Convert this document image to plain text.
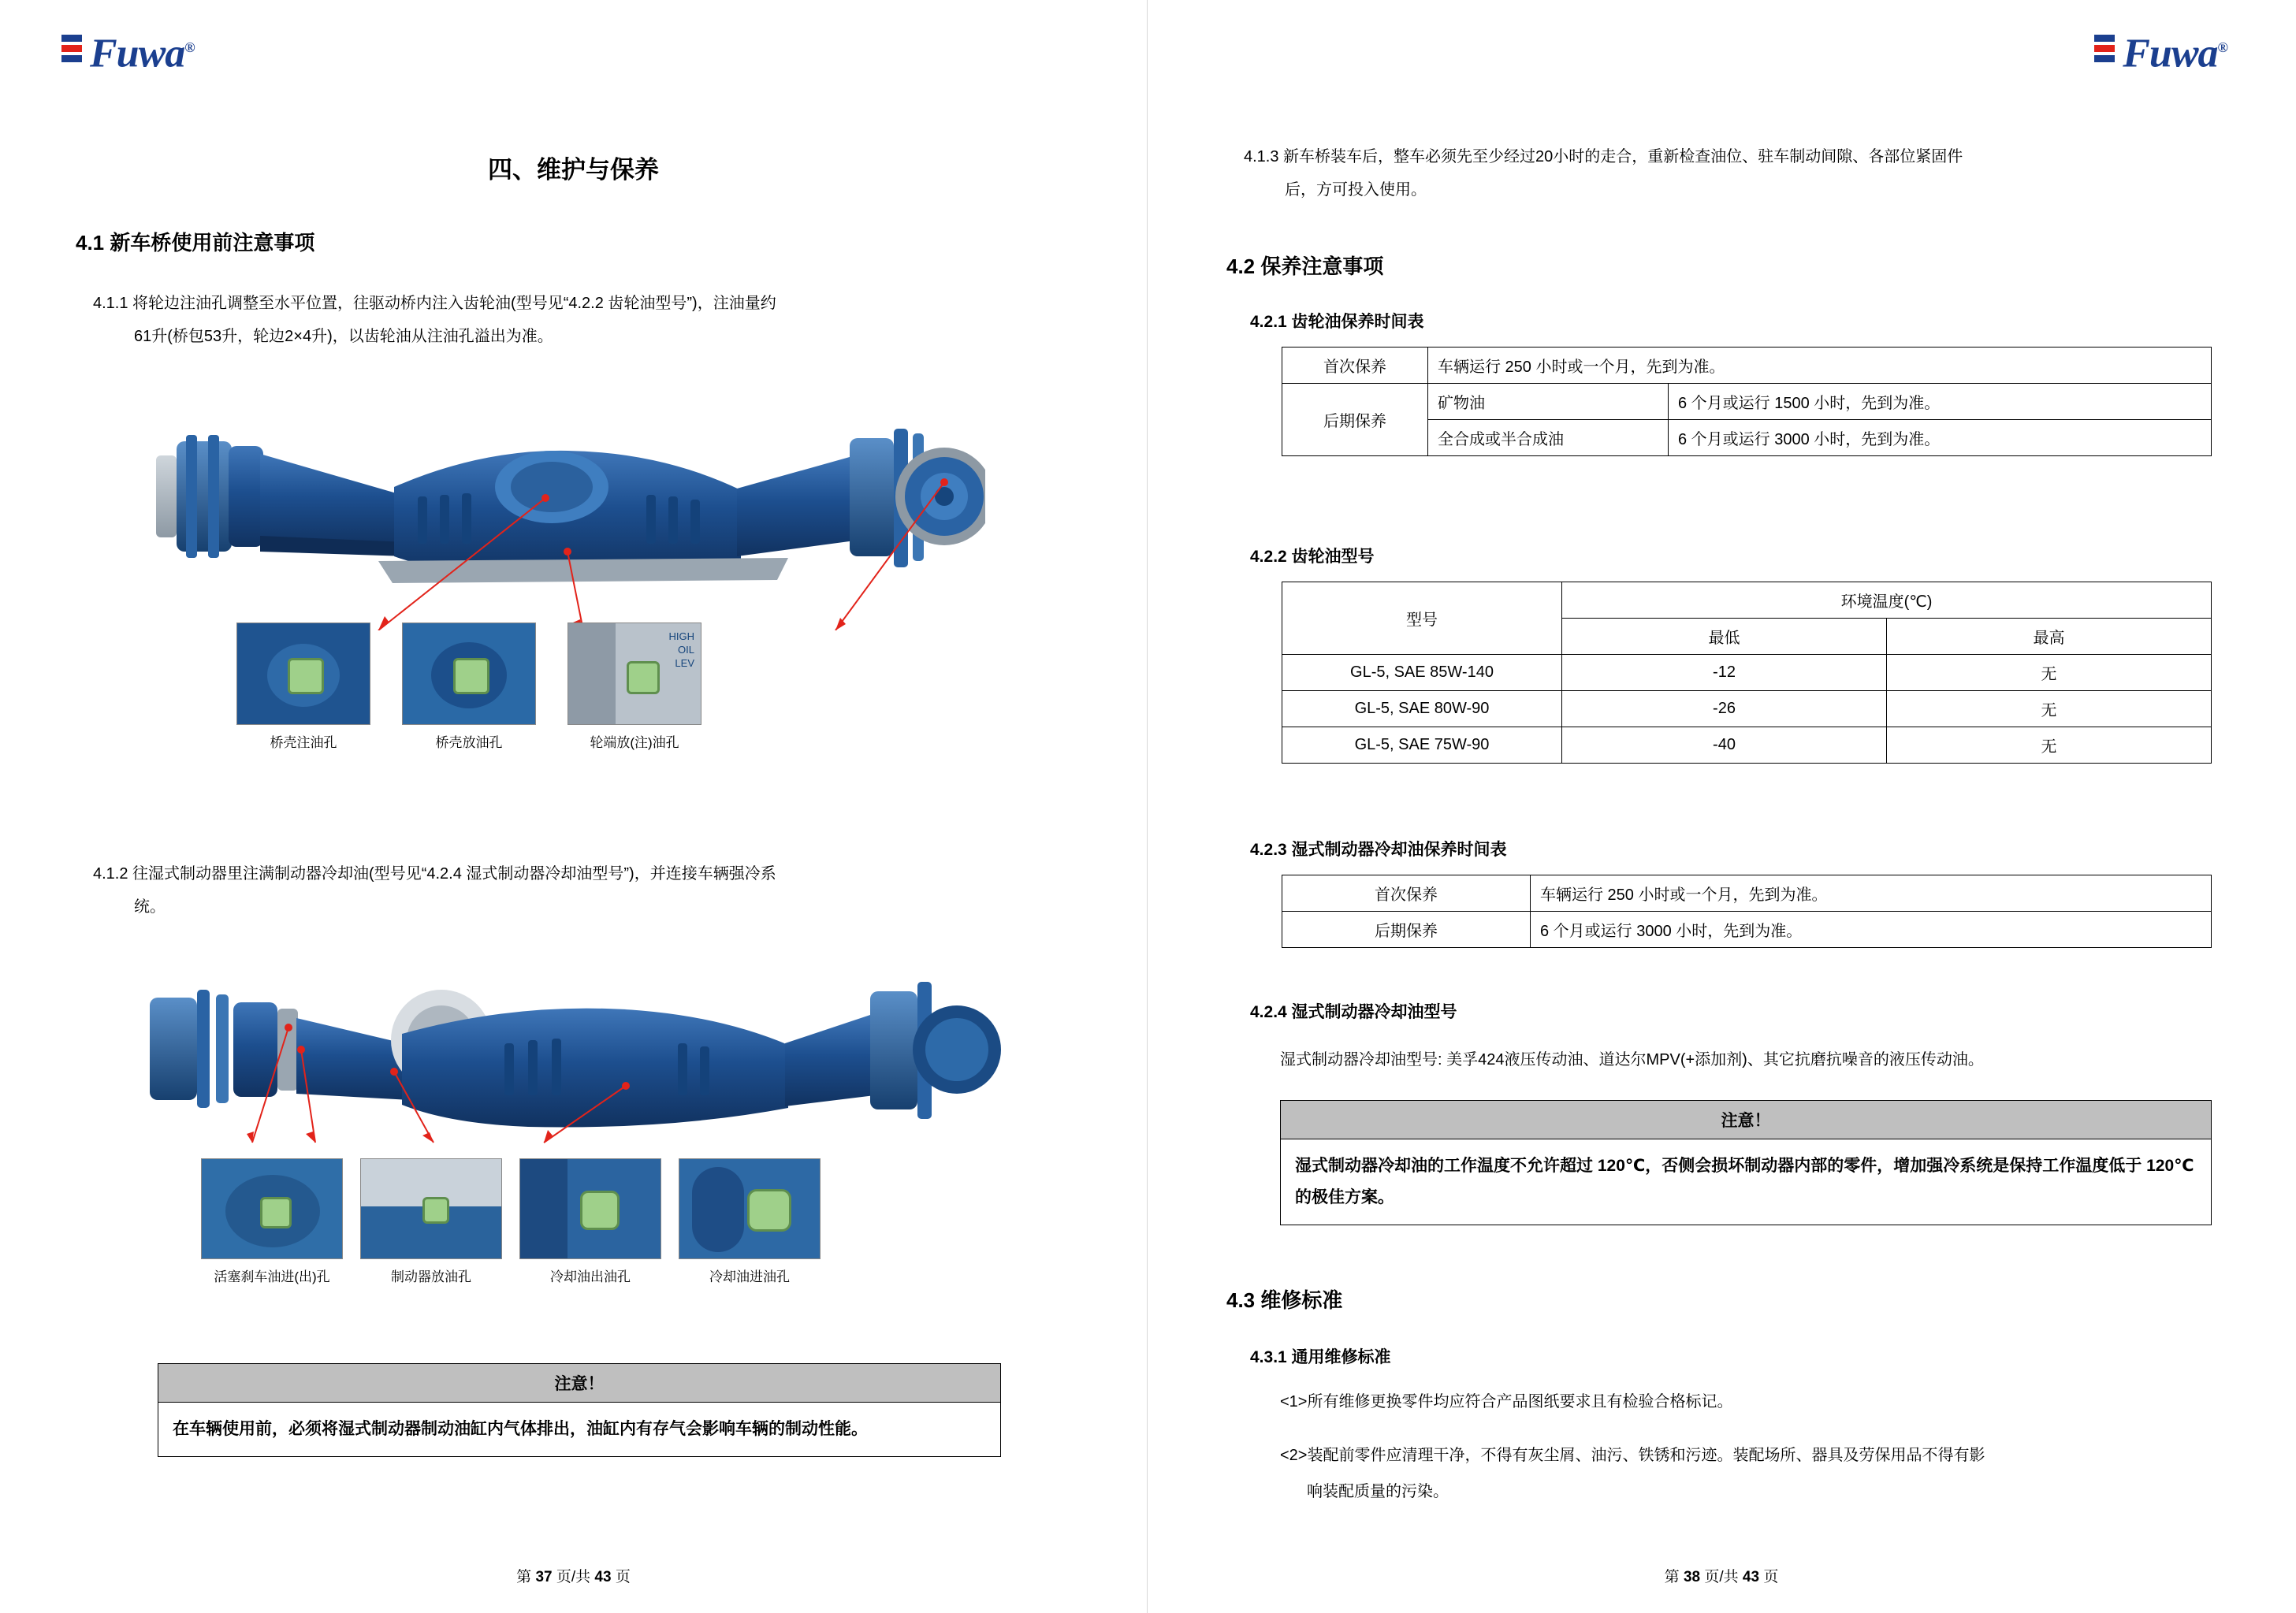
Fuwa®
四、维护与保养
4.1 新车桥使用前注意事项
4.1.1 将轮边注油孔调整至水平位置，往驱动桥内注入齿轮油(型号见“4.2.2 齿轮油型号”)，注油量约
61升(桥包53升，轮边2×4升)，以齿轮油从注油孔溢出为准。
桥壳注油孔	桥壳放油孔
HIGH
OIL
LEV
轮端放(注)油孔
4.1.2 往湿式制动器里注满制动器冷却油(型号见“4.2.4 湿式制动器冷却油型号”)，并连接车辆强冷系
统。
活塞刹车油进(出)孔	制动器放油孔	冷却油出油孔	冷却油进油孔
注意！
在车辆使用前，必须将湿式制动器制动油缸内气体排出，油缸内有存气会影响车辆的制动性能。
第 37 页/共 43 页
Fuwa®
4.1.3 新车桥装车后，整车必须先至少经过20小时的走合，重新检查油位、驻车制动间隙、各部位紧固件
后，方可投入使用。
4.2 保养注意事项
4.2.1 齿轮油保养时间表
首次保养	车辆运行 250 小时或一个月，先到为准。	
后期保养	矿物油	6 个月或运行 1500 小时，先到为准。
	全合成或半合成油	6 个月或运行 3000 小时，先到为准。
4.2.2 齿轮油型号
型号	环境温度(℃)	
	最低	最高
GL-5, SAE 85W-140	-12	无
GL-5, SAE 80W-90	-26	无
GL-5, SAE 75W-90	-40	无
4.2.3 湿式制动器冷却油保养时间表
首次保养	车辆运行 250 小时或一个月，先到为准。
后期保养	6 个月或运行 3000 小时，先到为准。
4.2.4 湿式制动器冷却油型号
湿式制动器冷却油型号: 美孚424液压传动油、道达尔MPV(+添加剂)、其它抗磨抗噪音的液压传动油。
注意！
湿式制动器冷却油的工作温度不允许超过 120℃，否侧会损坏制动器内部的零件，增加强冷系统是保持工作温度低于 120℃的极佳方案。
4.3 维修标准
4.3.1 通用维修标准
<1>所有维修更换零件均应符合产品图纸要求且有检验合格标记。
<2>装配前零件应清理干净，不得有灰尘屑、油污、铁锈和污迹。装配场所、器具及劳保用品不得有影
响装配质量的污染。
第 38 页/共 43 页
